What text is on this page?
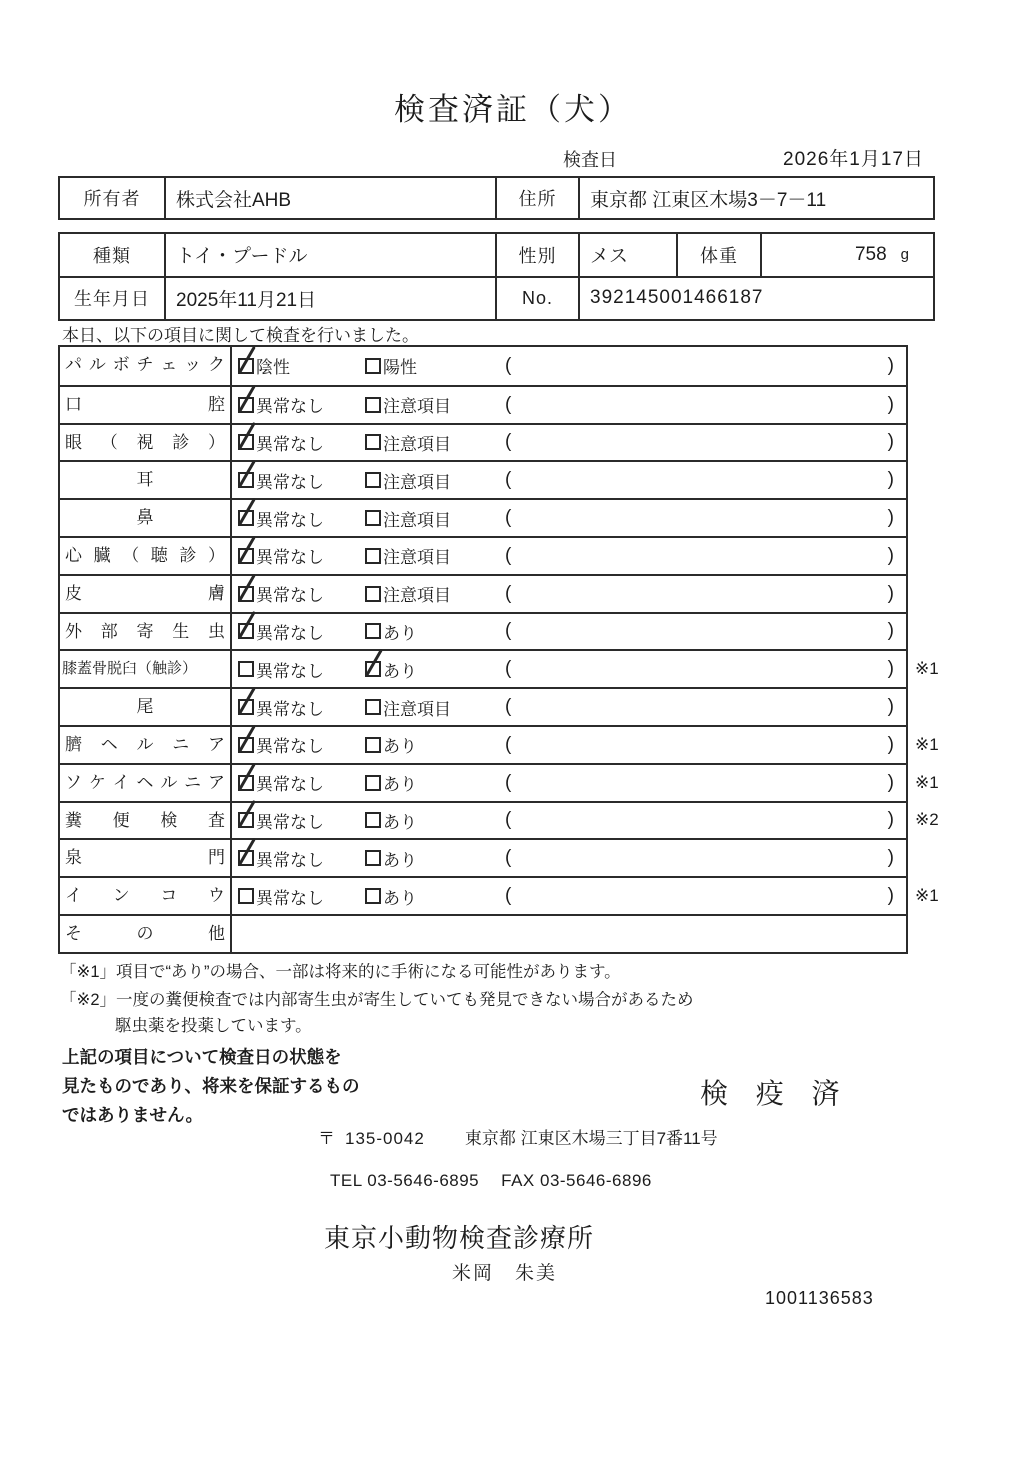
検査済証（犬）
検査日	2026年1月17日
所有者	株式会社AHB	住所	東京都 江東区木場3－7－11
種類	トイ・プードル	性別	メス	体重	758 g
生年月日	2025年11月21日	No.	392145001466187
本日、以下の項目に関して検査を行いました。
パ ル ボ チ ェ ッ ク	陰性	陽性	(	)
口 腔	異常なし	注意項目	(	)
眼 （ 視 診 ）	異常なし	注意項目	(	)
耳	異常なし	注意項目	(	)
鼻	異常なし	注意項目	(	)
心 臓 （ 聴 診 ）	異常なし	注意項目	(	)
皮 膚	異常なし	注意項目	(	)
外 部 寄 生 虫	異常なし	あり	(	)
膝蓋骨脱臼（触診）	異常なし	あり	(	) ※1
尾	異常なし	注意項目	(	)
臍 ヘ ル ニ ア	異常なし	あり	(	) ※1
ソ ケ イ ヘ ル ニ ア	異常なし	あり	(	) ※1
糞 便 検 査	異常なし	あり	(	) ※2
泉 門	異常なし	あり	(	)
イ ン コ ウ	異常なし	あり	(	) ※1
そ の 他
「※1」項目で“あり”の場合、一部は将来的に手術になる可能性があります。
「※2」一度の糞便検査では内部寄生虫が寄生していても発見できない場合があるため
駆虫薬を投薬しています。
上記の項目について検査日の状態を
見たものであり、将来を保証するもの
ではありません。
検 疫 済
〒 135-0042 東京都 江東区木場三丁目7番11号
TEL 03-5646-6895 FAX 03-5646-6896
東京小動物検査診療所
米岡　朱美
1001136583
